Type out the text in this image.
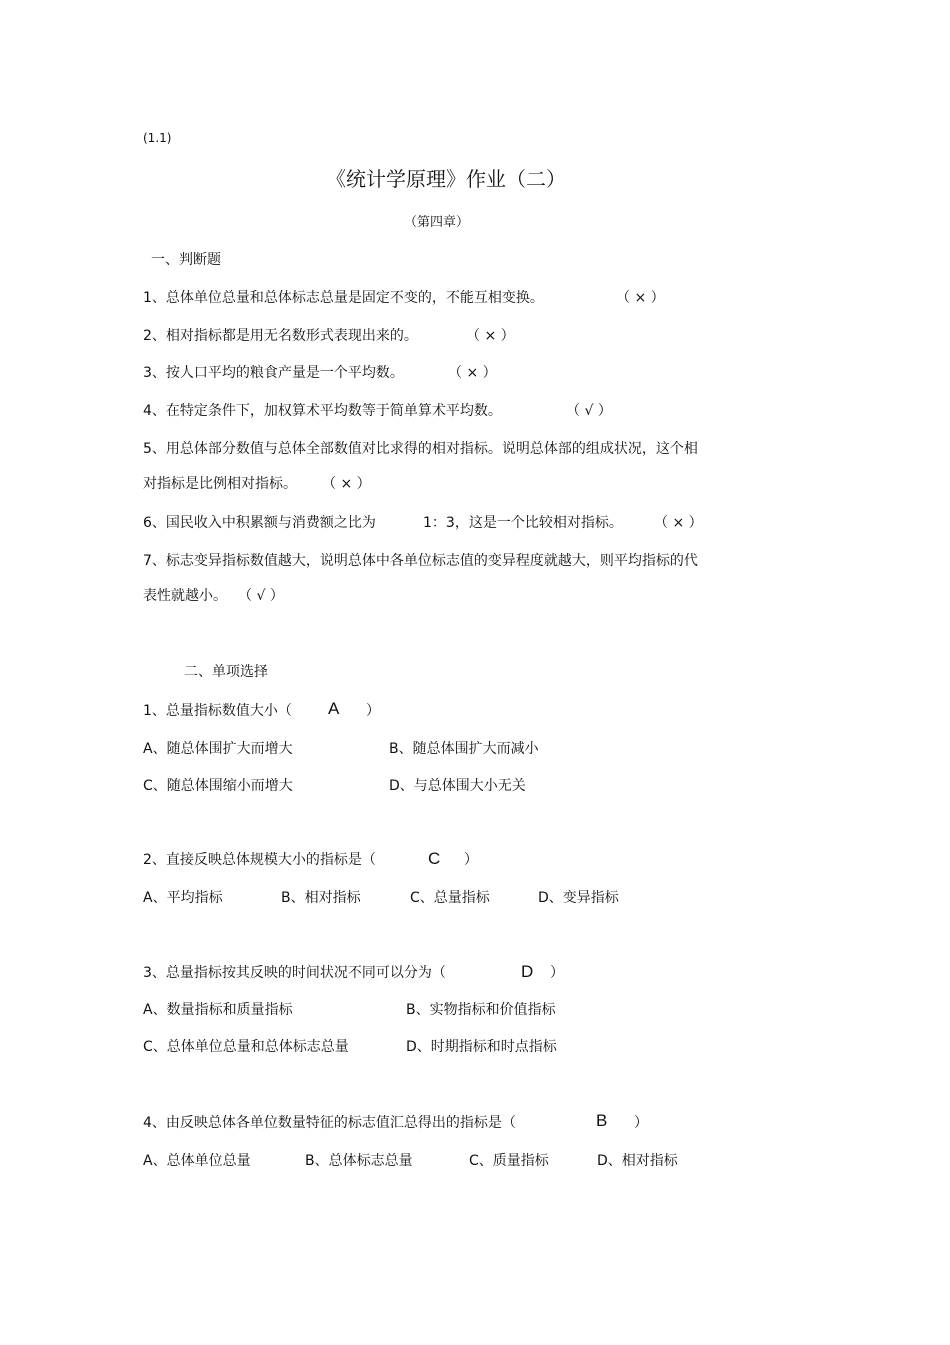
(1.1)
《统计学原理》作业（二）
（第四章）
一、判断题
1、总体单位总量和总体标志总量是固定不变的，不能互相变换。	（ × ）
2、相对指标都是用无名数形式表现出来的。	（ × ）
3、按人口平均的粮食产量是一个平均数。	（ × ）
4、在特定条件下，加权算术平均数等于简单算术平均数。	（ √ ）
5、用总体部分数值与总体全部数值对比求得的相对指标。说明总体部的组成状况，这个相
对指标是比例相对指标。 （ × ）
6、国民收入中积累额与消费额之比为	1：3，这是一个比较相对指标。 （ × ）
7、标志变异指标数值越大，说明总体中各单位标志值的变异程度就越大，则平均指标的代
表性就越小。 （ √ ）
二、单项选择
1、总量指标数值大小（ A ）
A、随总体围扩大而增大	B、随总体围扩大而减小
C、随总体围缩小而增大	D、与总体围大小无关
2、直接反映总体规模大小的指标是（	C ）
A、平均指标	B、相对指标	C、总量指标	D、变异指标
3、总量指标按其反映的时间状况不同可以分为（	D ）
A、数量指标和质量指标	B、实物指标和价值指标
C、总体单位总量和总体标志总量	D、时期指标和时点指标
4、由反映总体各单位数量特征的标志值汇总得出的指标是（	B ）
A、总体单位总量	B、总体标志总量	C、质量指标	D、相对指标
